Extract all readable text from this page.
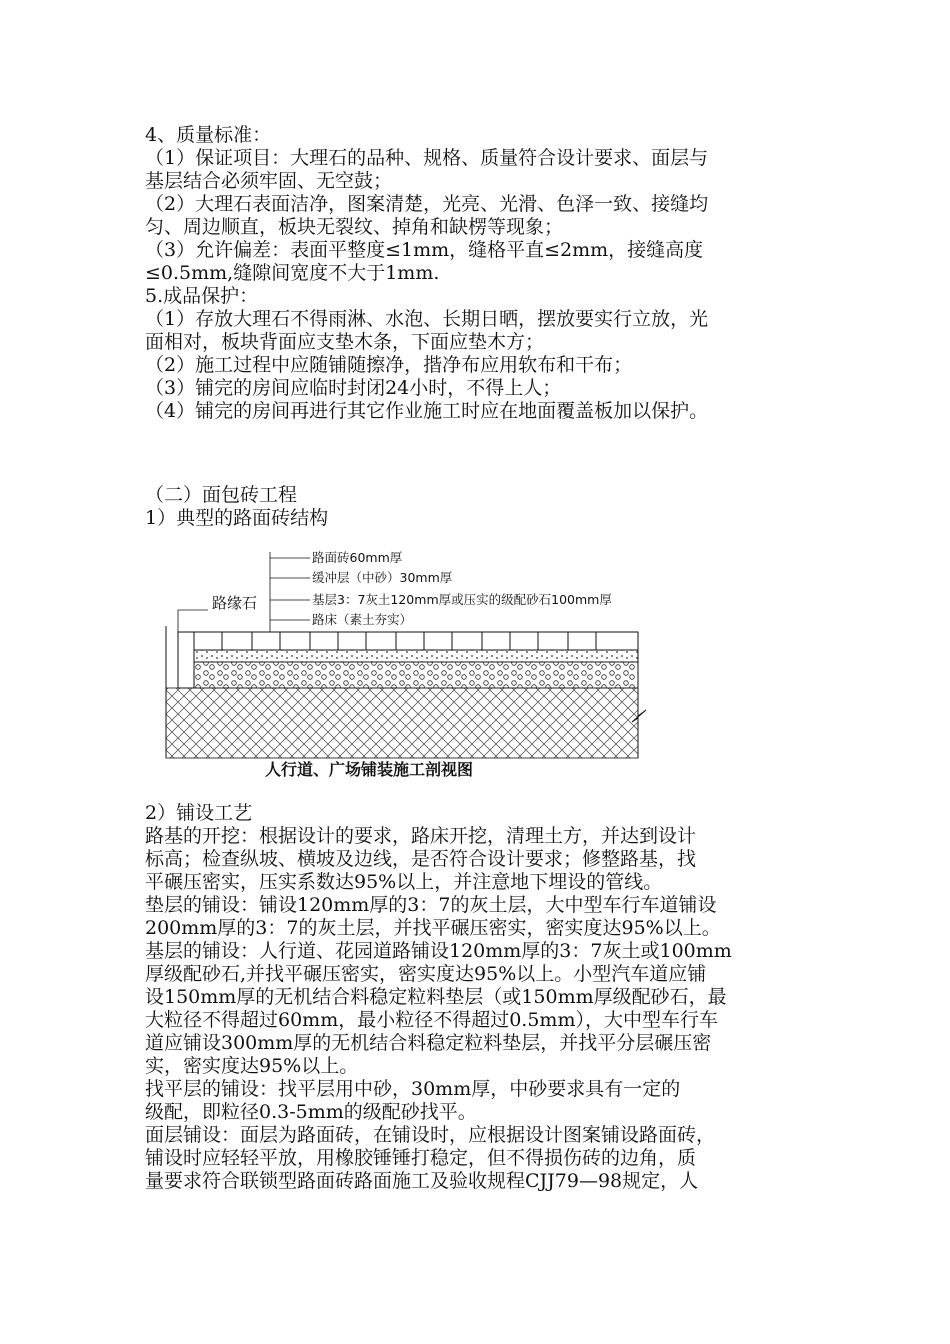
4、质量标准：
（1）保证项目：大理石的品种、规格、质量符合设计要求、面层与
基层结合必须牢固、无空鼓；
（2）大理石表面洁净，图案清楚，光亮、光滑、色泽一致、接缝均
匀、周边顺直，板块无裂纹、掉角和缺楞等现象；
（3）允许偏差：表面平整度≤1mm，缝格平直≤2mm，接缝高度
≤0.5mm,缝隙间宽度不大于1mm.
5.成品保护：
（1）存放大理石不得雨淋、水泡、长期日晒，摆放要实行立放，光
面相对，板块背面应支垫木条，下面应垫木方；
（2）施工过程中应随铺随擦净，揩净布应用软布和干布；
（3）铺完的房间应临时封闭24小时，不得上人；
（4）铺完的房间再进行其它作业施工时应在地面覆盖板加以保护。
（二）面包砖工程
1）典型的路面砖结构
路面砖60mm厚
缓冲层（中砂）30mm厚
基层3：7灰土120mm厚或压实的级配砂石100mm厚
路床（素土夯实）
路缘石
人行道、广场铺装施工剖视图
2）铺设工艺
路基的开挖：根据设计的要求，路床开挖，清理土方，并达到设计
标高；检查纵坡、横坡及边线，是否符合设计要求；修整路基，找
平碾压密实，压实系数达95%以上，并注意地下埋设的管线。
垫层的铺设：铺设120mm厚的3：7的灰土层，大中型车行车道铺设
200mm厚的3：7的灰土层，并找平碾压密实，密实度达95%以上。
基层的铺设：人行道、花园道路铺设120mm厚的3：7灰土或100mm
厚级配砂石,并找平碾压密实，密实度达95%以上。小型汽车道应铺
设150mm厚的无机结合料稳定粒料垫层（或150mm厚级配砂石，最
大粒径不得超过60mm，最小粒径不得超过0.5mm），大中型车行车
道应铺设300mm厚的无机结合料稳定粒料垫层，并找平分层碾压密
实，密实度达95%以上。
找平层的铺设：找平层用中砂，30mm厚，中砂要求具有一定的
级配，即粒径0.3-5mm的级配砂找平。
面层铺设：面层为路面砖，在铺设时，应根据设计图案铺设路面砖，
铺设时应轻轻平放，用橡胶锤锤打稳定，但不得损伤砖的边角，质
量要求符合联锁型路面砖路面施工及验收规程CJJ79—98规定，人
